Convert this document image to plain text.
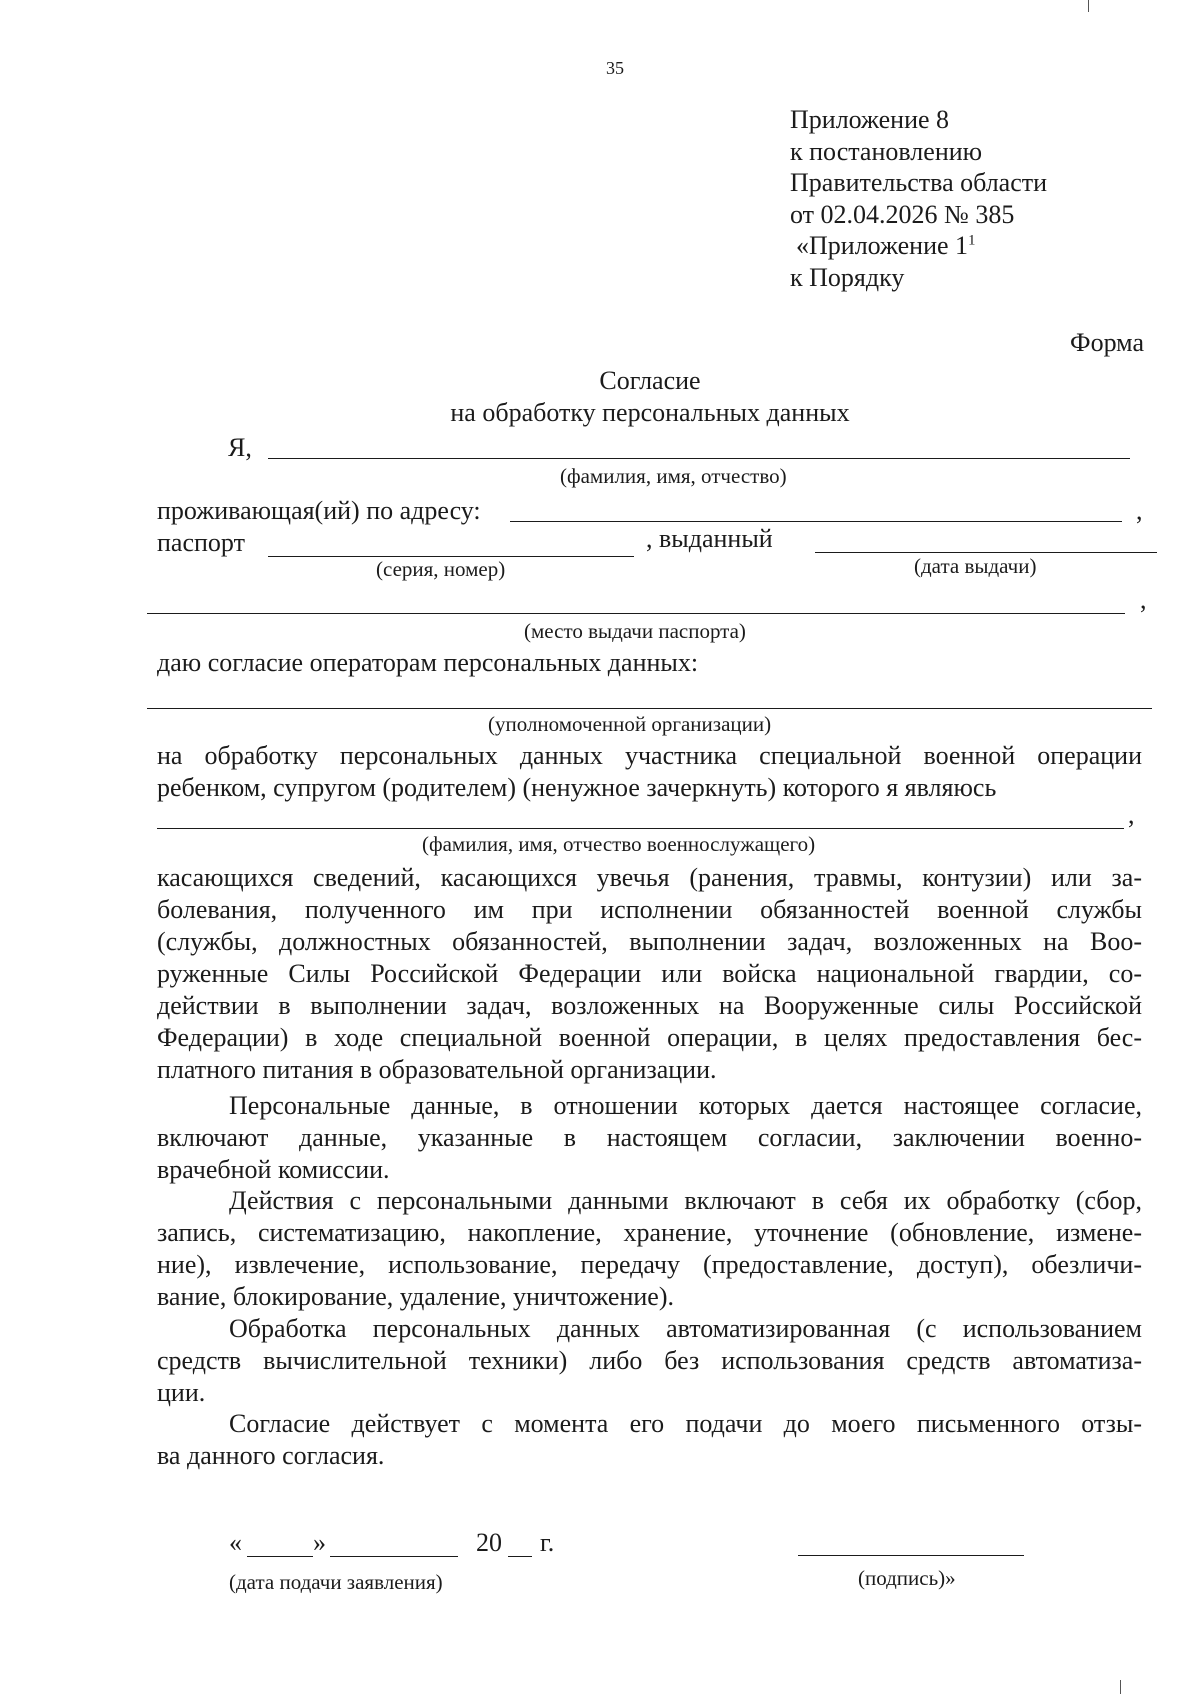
35
Приложение 8
к постановлению
Правительства области
от 02.04.2026 № 385
«Приложение $1^1$
к Порядку
Форма
Согласие
на обработку персональных данных
Я,
(фамилия, имя, отчество)
проживающая(ий) по адресу:	,
паспорт	, выданный
(серия, номер)	(дата выдачи)
,
(место выдачи паспорта)
даю согласие операторам персональных данных:
(уполномоченной организации)
на обработку персональных данных участника специальной военной операции
ребенком, супругом (родителем) (ненужное зачеркнуть) которого я являюсь
,
(фамилия, имя, отчество военнослужащего)
касающихся сведений, касающихся увечья (ранения, травмы, контузии) или за-
болевания, полученного им при исполнении обязанностей военной службы
(службы, должностных обязанностей, выполнении задач, возложенных на Воо-
руженные Силы Российской Федерации или войска национальной гвардии, со-
действии в выполнении задач, возложенных на Вооруженные силы Российской
Федерации) в ходе специальной военной операции, в целях предоставления бес-
платного питания в образовательной организации.
Персональные данные, в отношении которых дается настоящее согласие,
включают данные, указанные в настоящем согласии, заключении военно-
врачебной комиссии.
Действия с персональными данными включают в себя их обработку (сбор,
запись, систематизацию, накопление, хранение, уточнение (обновление, измене-
ние), извлечение, использование, передачу (предоставление, доступ), обезличи-
вание, блокирование, удаление, уничтожение).
Обработка персональных данных автоматизированная (с использованием
средств вычислительной техники) либо без использования средств автоматиза-
ции.
Согласие действует с момента его подачи до моего письменного отзы-
ва данного согласия.
«	»	20 г.
(дата подачи заявления)	(подпись)»
